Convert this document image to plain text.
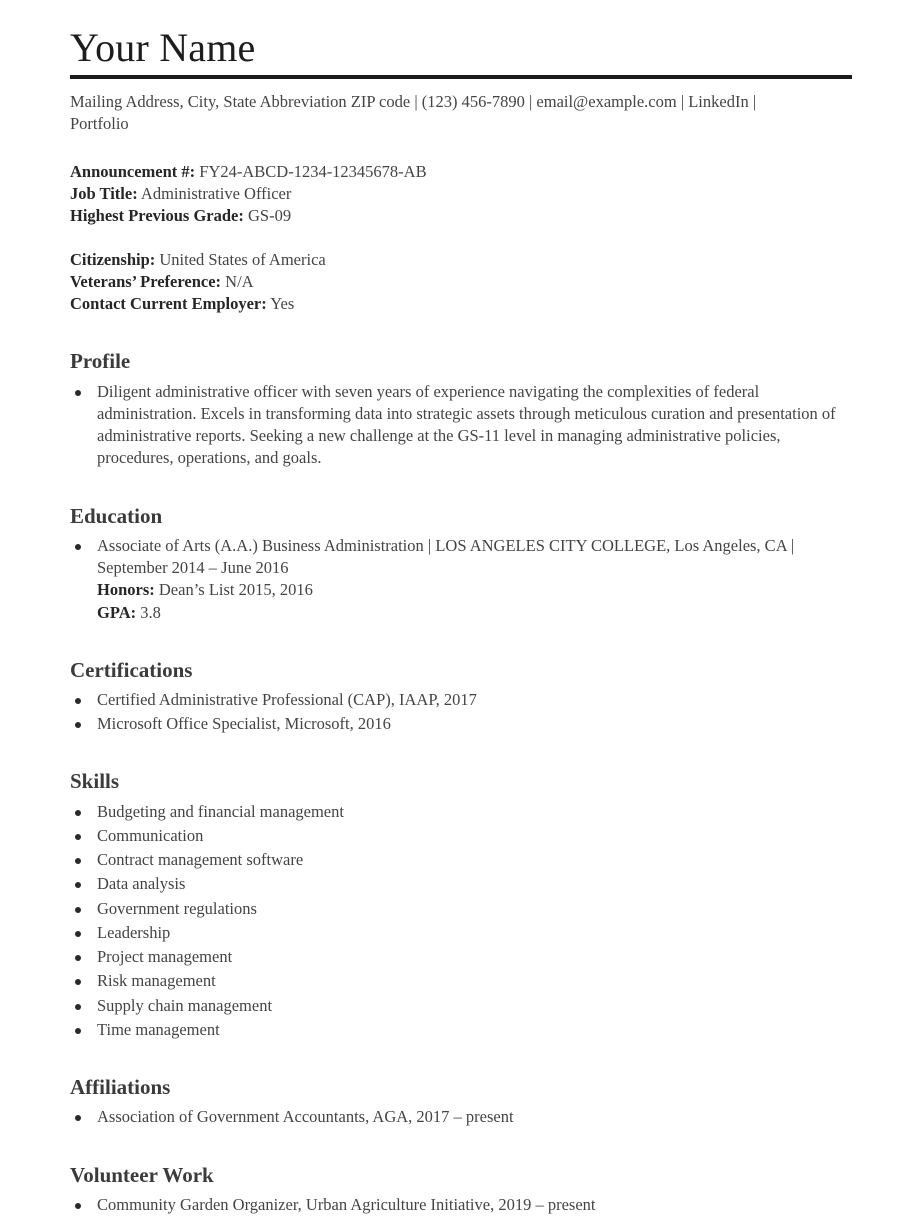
Your Name

Mailing Address, City, State Abbreviation ZIP code | (123) 456-7890 | email@example.com | LinkedIn | Portfolio

Announcement #: FY24-ABCD-1234-12345678-AB
Job Title: Administrative Officer
Highest Previous Grade: GS-09
Citizenship: United States of America
Veterans’ Preference: N/A
Contact Current Employer: Yes
Profile
Diligent administrative officer with seven years of experience navigating the complexities of federal administration. Excels in transforming data into strategic assets through meticulous curation and presentation of administrative reports. Seeking a new challenge at the GS-11 level in managing administrative policies, procedures, operations, and goals.
Education
Associate of Arts (A.A.) Business Administration | LOS ANGELES CITY COLLEGE, Los Angeles, CA | September 2014 – June 2016
Honors: Dean’s List 2015, 2016
GPA: 3.8
Certifications
Certified Administrative Professional (CAP), IAAP, 2017
Microsoft Office Specialist, Microsoft, 2016
Skills
Budgeting and financial management
Communication
Contract management software
Data analysis
Government regulations
Leadership
Project management
Risk management
Supply chain management
Time management
Affiliations
Association of Government Accountants, AGA, 2017 – present
Volunteer Work
Community Garden Organizer, Urban Agriculture Initiative, 2019 – present
